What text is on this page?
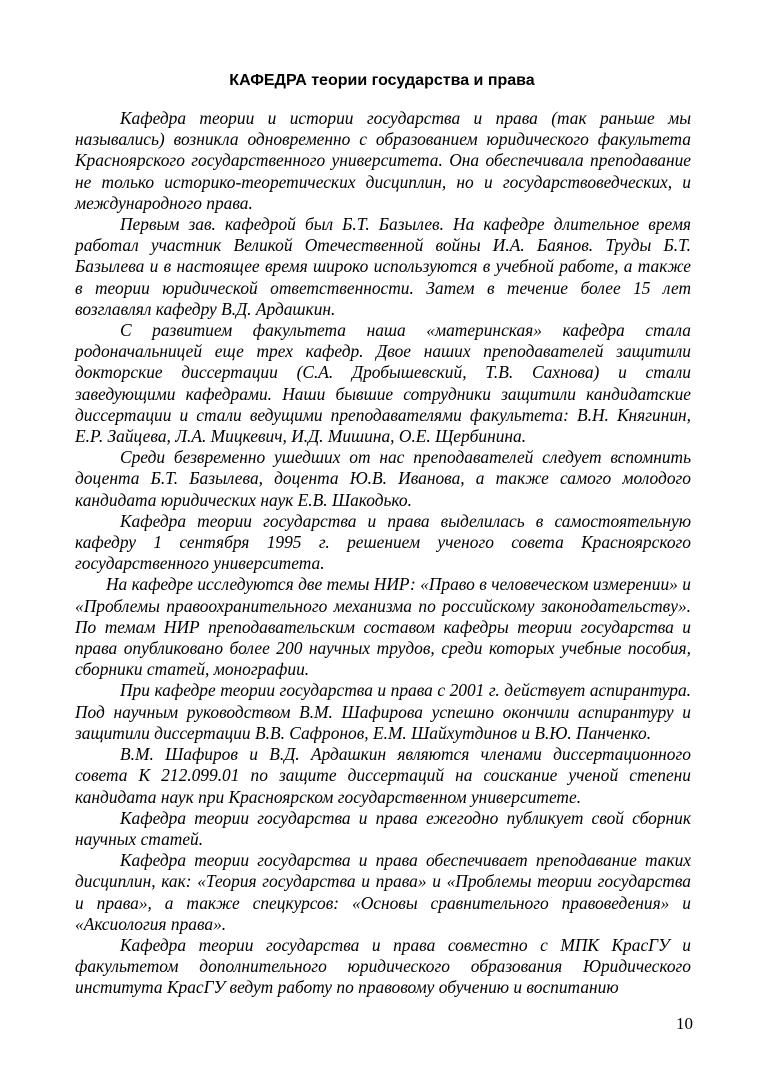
КАФЕДРА теории государства и права

Кафедра теории и истории государства и права (так раньше мы назывались) возникла одновременно с образованием юридического факультета Красноярского государственного университета. Она обеспечивала преподавание не только историко-теоретических дисциплин, но и государствоведческих, и международного права.

Первым зав. кафедрой был Б.Т. Базылев. На кафедре длительное время работал участник Великой Отечественной войны И.А. Баянов. Труды Б.Т. Базылева и в настоящее время широко используются в учебной работе, а также в теории юридической ответственности. Затем в течение более 15 лет возглавлял кафедру В.Д. Ардашкин.

С развитием факультета наша «материнская» кафедра стала родоначальницей еще трех кафедр. Двое наших преподавателей защитили докторские диссертации (С.А. Дробышевский, Т.В. Сахнова) и стали заведующими кафедрами. Наши бывшие сотрудники защитили кандидатские диссертации и стали ведущими преподавателями факультета: В.Н. Княгинин, Е.Р. Зайцева, Л.А. Мицкевич, И.Д. Мишина, О.Е. Щербинина.

Среди безвременно ушедших от нас преподавателей следует вспомнить доцента Б.Т. Базылева, доцента Ю.В. Иванова, а также самого молодого кандидата юридических наук Е.В. Шакодько.

Кафедра теории государства и права выделилась в самостоятельную кафедру 1 сентября 1995 г. решением ученого совета Красноярского государственного университета.

На кафедре исследуются две темы НИР: «Право в человеческом измерении» и «Проблемы правоохранительного механизма по российскому законодательству». По темам НИР преподавательским составом кафедры теории государства и права опубликовано более 200 научных трудов, среди которых учебные пособия, сборники статей, монографии.

При кафедре теории государства и права с 2001 г. действует аспирантура. Под научным руководством В.М. Шафирова успешно окончили аспирантуру и защитили диссертации В.В. Сафронов, Е.М. Шайхутдинов и В.Ю. Панченко.

В.М. Шафиров и В.Д. Ардашкин являются членами диссертационного совета К 212.099.01 по защите диссертаций на соискание ученой степени кандидата наук при Красноярском государственном университете.

Кафедра теории государства и права ежегодно публикует свой сборник научных статей.

Кафедра теории государства и права обеспечивает преподавание таких дисциплин, как: «Теория государства и права» и «Проблемы теории государства и права», а также спецкурсов: «Основы сравнительного правоведения» и «Аксиология права».

Кафедра теории государства и права совместно с МПК КрасГУ и факультетом дополнительного юридического образования Юридического института КрасГУ ведут работу по правовому обучению и воспитанию

10
